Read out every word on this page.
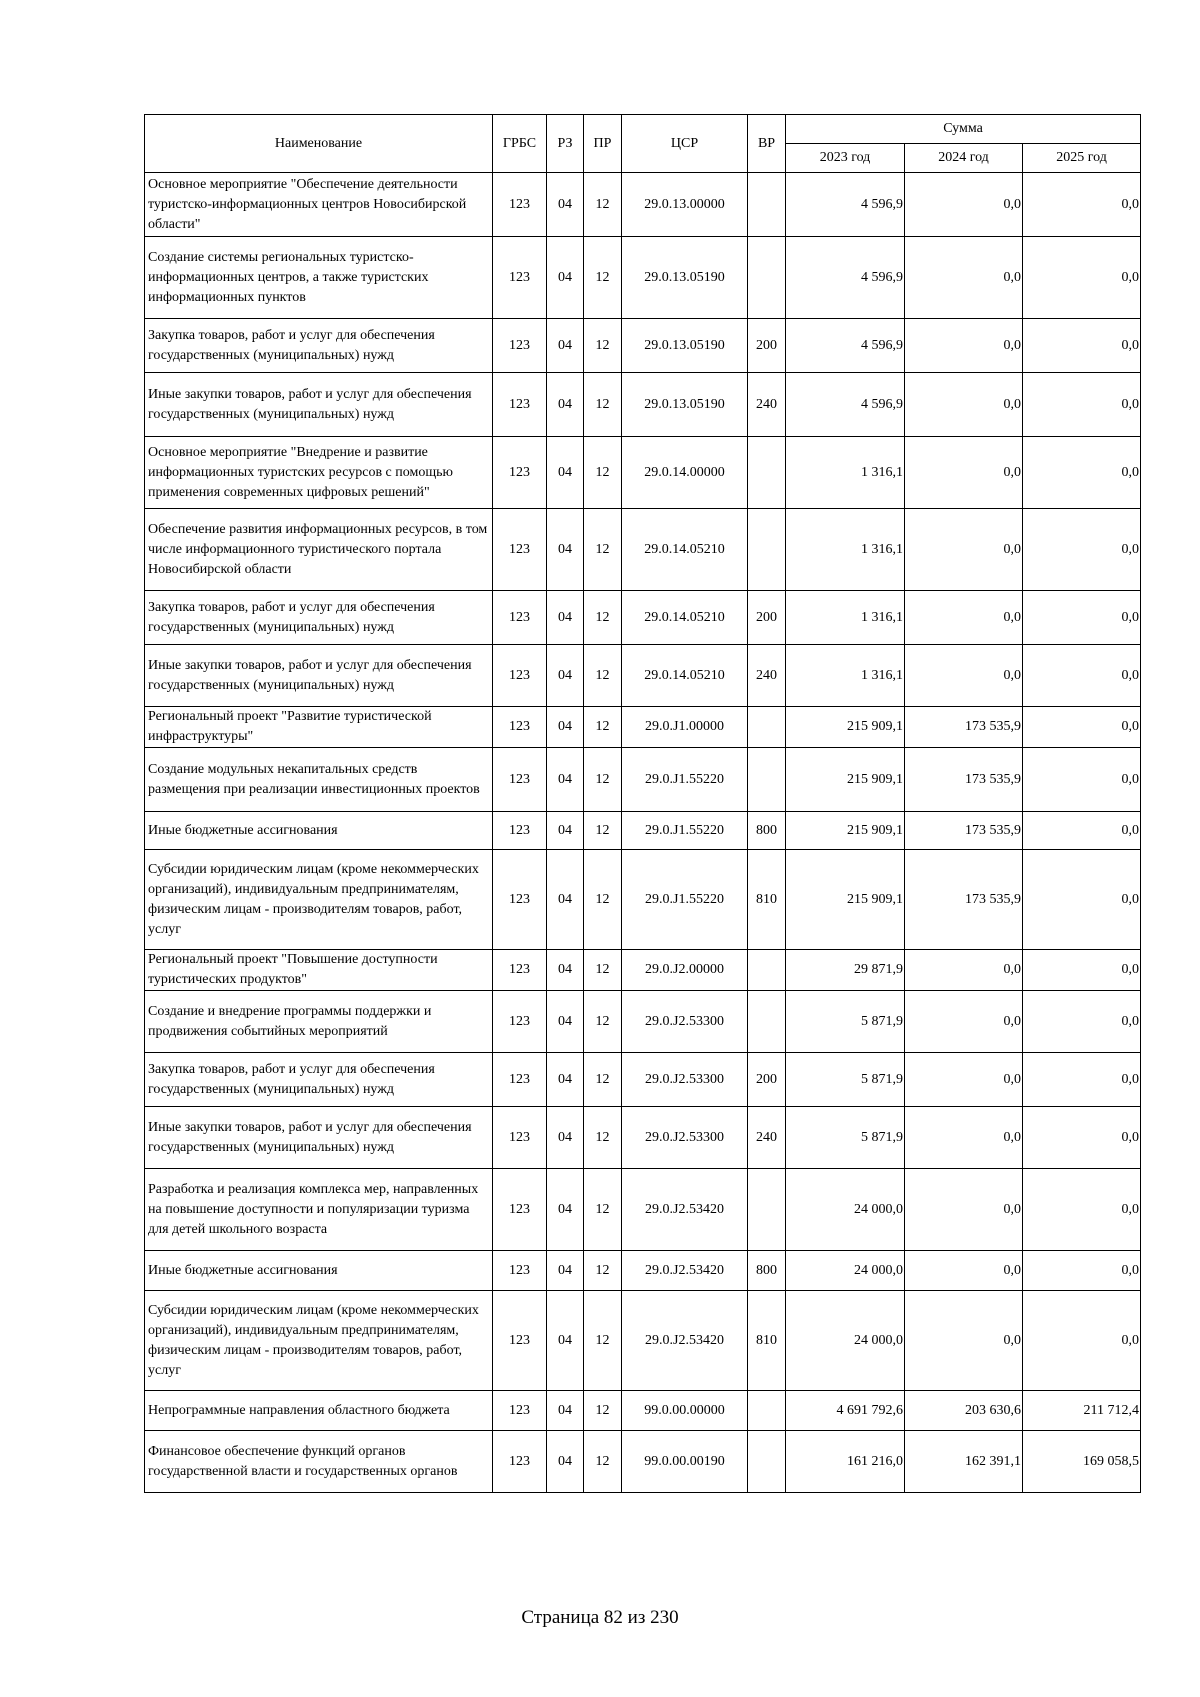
Наименование	ГРБС	РЗ	ПР	ЦСР	ВР	Сумма		
						2023 год	2024 год	2025 год
Основное мероприятие "Обеспечение деятельности туристско-информационных центров Новосибирской области"	123	04	12	29.0.13.00000		4 596,9	0,0	0,0
Создание системы региональных туристско-информационных центров, а также туристских информационных пунктов	123	04	12	29.0.13.05190		4 596,9	0,0	0,0
Закупка товаров, работ и услуг для обеспечения государственных (муниципальных) нужд	123	04	12	29.0.13.05190	200	4 596,9	0,0	0,0
Иные закупки товаров, работ и услуг для обеспечения государственных (муниципальных) нужд	123	04	12	29.0.13.05190	240	4 596,9	0,0	0,0
Основное мероприятие "Внедрение и развитие информационных туристских ресурсов с помощью применения современных цифровых решений"	123	04	12	29.0.14.00000		1 316,1	0,0	0,0
Обеспечение развития информационных ресурсов, в том числе информационного туристического портала Новосибирской области	123	04	12	29.0.14.05210		1 316,1	0,0	0,0
Закупка товаров, работ и услуг для обеспечения государственных (муниципальных) нужд	123	04	12	29.0.14.05210	200	1 316,1	0,0	0,0
Иные закупки товаров, работ и услуг для обеспечения государственных (муниципальных) нужд	123	04	12	29.0.14.05210	240	1 316,1	0,0	0,0
Региональный проект "Развитие туристической инфраструктуры"	123	04	12	29.0.J1.00000		215 909,1	173 535,9	0,0
Создание модульных некапитальных средств размещения при реализации инвестиционных проектов	123	04	12	29.0.J1.55220		215 909,1	173 535,9	0,0
Иные бюджетные ассигнования	123	04	12	29.0.J1.55220	800	215 909,1	173 535,9	0,0
Субсидии юридическим лицам (кроме некоммерческих организаций), индивидуальным предпринимателям, физическим лицам - производителям товаров, работ, услуг	123	04	12	29.0.J1.55220	810	215 909,1	173 535,9	0,0
Региональный проект "Повышение доступности туристических продуктов"	123	04	12	29.0.J2.00000		29 871,9	0,0	0,0
Создание и внедрение программы поддержки и продвижения событийных мероприятий	123	04	12	29.0.J2.53300		5 871,9	0,0	0,0
Закупка товаров, работ и услуг для обеспечения государственных (муниципальных) нужд	123	04	12	29.0.J2.53300	200	5 871,9	0,0	0,0
Иные закупки товаров, работ и услуг для обеспечения государственных (муниципальных) нужд	123	04	12	29.0.J2.53300	240	5 871,9	0,0	0,0
Разработка и реализация комплекса мер, направленных на повышение доступности и популяризации туризма для детей школьного возраста	123	04	12	29.0.J2.53420		24 000,0	0,0	0,0
Иные бюджетные ассигнования	123	04	12	29.0.J2.53420	800	24 000,0	0,0	0,0
Субсидии юридическим лицам (кроме некоммерческих организаций), индивидуальным предпринимателям, физическим лицам - производителям товаров, работ, услуг	123	04	12	29.0.J2.53420	810	24 000,0	0,0	0,0
Непрограммные направления областного бюджета	123	04	12	99.0.00.00000		4 691 792,6	203 630,6	211 712,4
Финансовое обеспечение функций органов государственной власти и государственных органов	123	04	12	99.0.00.00190		161 216,0	162 391,1	169 058,5
Страница 82 из 230
